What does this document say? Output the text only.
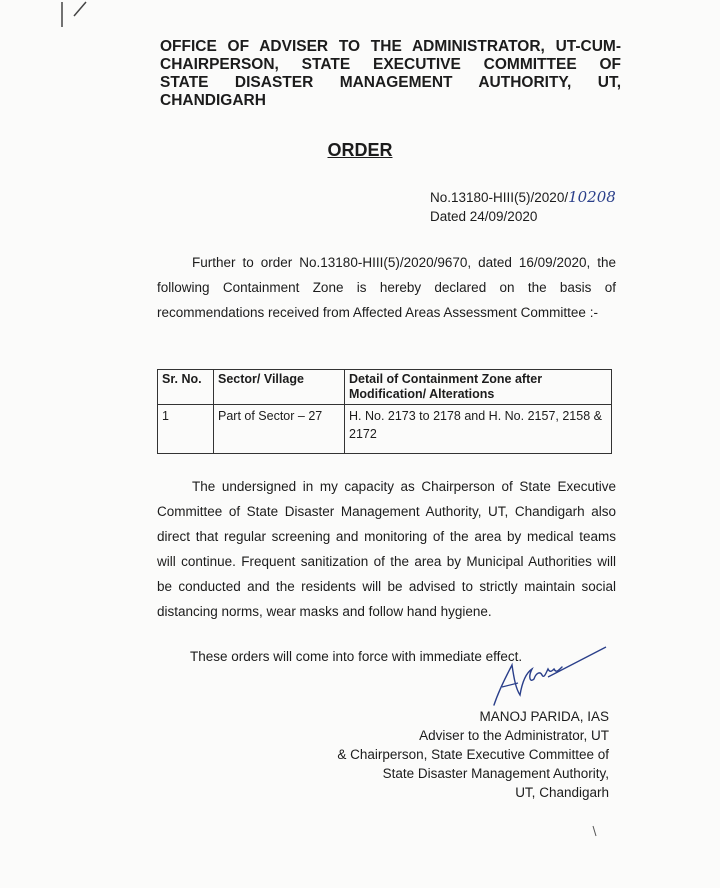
OFFICE OF ADVISER TO THE ADMINISTRATOR, UT-CUM-
CHAIRPERSON, STATE EXECUTIVE COMMITTEE OF
STATE DISASTER MANAGEMENT AUTHORITY, UT,
CHANDIGARH
ORDER
No.13180-HIII(5)/2020/10208
Dated 24/09/2020

Further to order No.13180-HIII(5)/2020/9670, dated 16/09/2020, the following Containment Zone is hereby declared on the basis of recommendations received from Affected Areas Assessment Committee :-

Sr. No.	Sector/ Village	Detail of Containment Zone after Modification/ Alterations
1	Part of Sector – 27	H. No. 2173 to 2178 and H. No. 2157, 2158 & 2172

The undersigned in my capacity as Chairperson of State Executive Committee of State Disaster Management Authority, UT, Chandigarh also direct that regular screening and monitoring of the area by medical teams will continue. Frequent sanitization of the area by Municipal Authorities will be conducted and the residents will be advised to strictly maintain social distancing norms, wear masks and follow hand hygiene.

These orders will come into force with immediate effect.

MANOJ PARIDA, IAS
Adviser to the Administrator, UT
& Chairperson, State Executive Committee of
State Disaster Management Authority,
UT, Chandigarh
